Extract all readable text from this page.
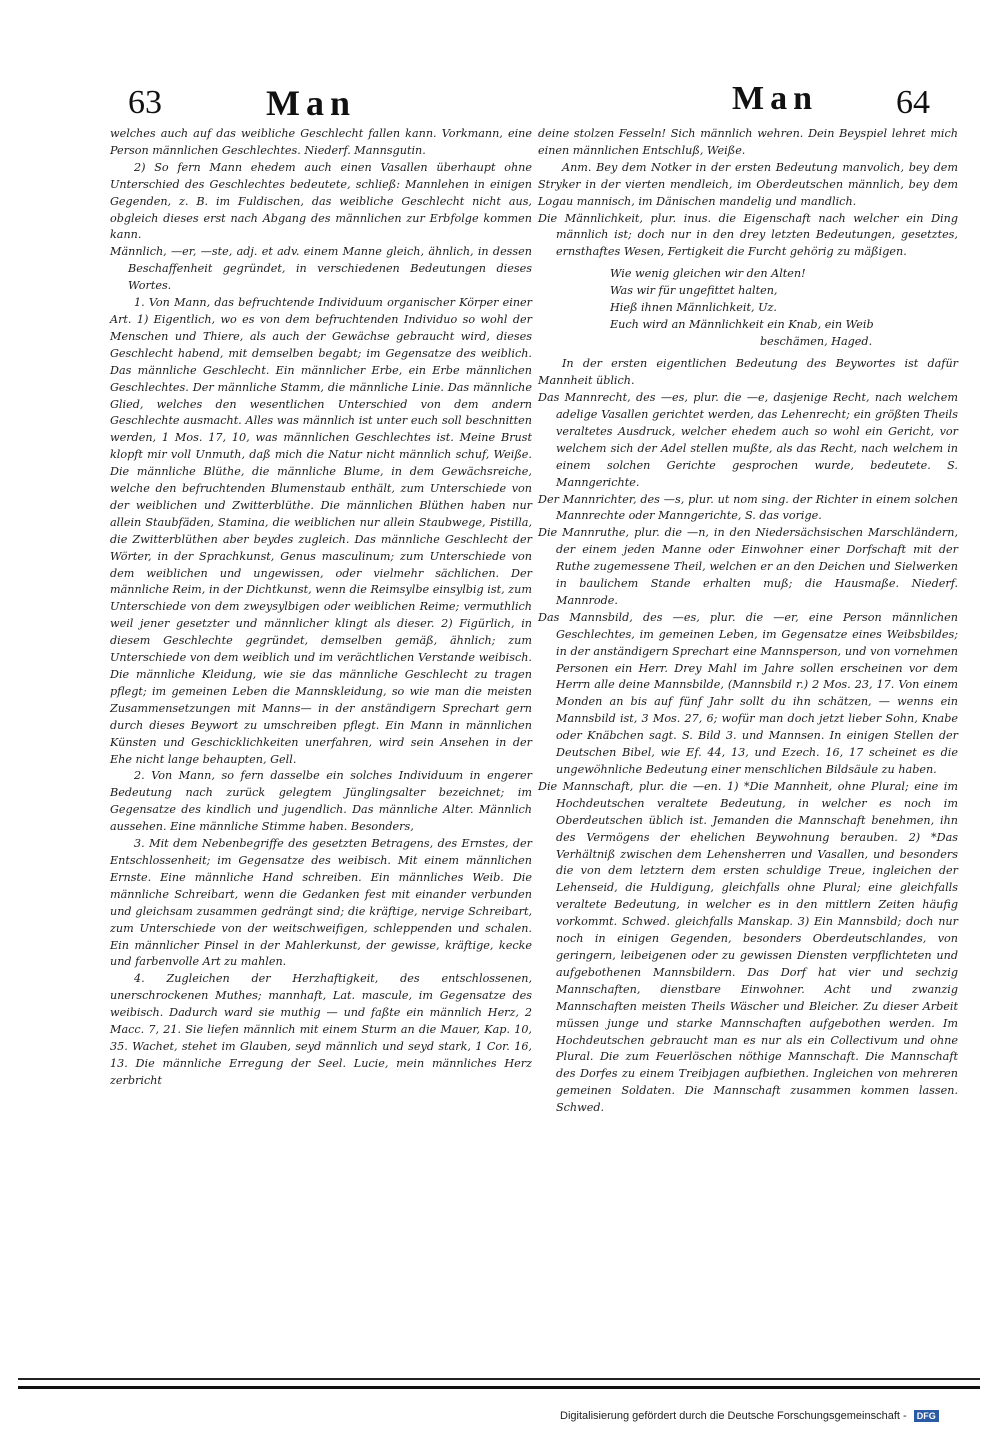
63	Man	Man 64

welches auch auf das weibliche Geschlecht fallen kann. Vorkmann, eine Person männlichen Geschlechtes. Niederf. Mannsgutin.

2) So fern Mann ehedem auch einen Vasallen überhaupt ohne Unterschied des Geschlechtes bedeutete, schließ: Mannlehen in einigen Gegenden, z. B. im Fuldischen, das weibliche Geschlecht nicht aus, obgleich dieses erst nach Abgang des männlichen zur Erbfolge kommen kann.

Männlich, —er, —ste, adj. et adv. einem Manne gleich, ähnlich, in dessen Beschaffenheit gegründet, in verschiedenen Bedeutungen dieses Wortes.

1. Von Mann, das befruchtende Individuum organischer Körper einer Art. 1) Eigentlich, wo es von dem befruchtenden Individuo so wohl der Menschen und Thiere, als auch der Gewächse gebraucht wird, dieses Geschlecht habend, mit demselben begabt; im Gegensatze des weiblich. Das männliche Geschlecht. Ein männlicher Erbe, ein Erbe männlichen Geschlechtes. Der männliche Stamm, die männliche Linie. Das männliche Glied, welches den wesentlichen Unterschied von dem andern Geschlechte ausmacht. Alles was männlich ist unter euch soll beschnitten werden, 1 Mos. 17, 10, was männlichen Geschlechtes ist. Meine Brust klopft mir voll Unmuth, daß mich die Natur nicht männlich schuf, Weiße. Die männliche Blüthe, die männliche Blume, in dem Gewächsreiche, welche den befruchtenden Blumenstaub enthält, zum Unterschiede von der weiblichen und Zwitterblüthe. Die männlichen Blüthen haben nur allein Staubfäden, Stamina, die weiblichen nur allein Staubwege, Pistilla, die Zwitterblüthen aber beydes zugleich. Das männliche Geschlecht der Wörter, in der Sprachkunst, Genus masculinum; zum Unterschiede von dem weiblichen und ungewissen, oder vielmehr sächlichen. Der männliche Reim, in der Dichtkunst, wenn die Reimsylbe einsylbig ist, zum Unterschiede von dem zweysylbigen oder weiblichen Reime; vermuthlich weil jener gesetzter und männlicher klingt als dieser. 2) Figürlich, in diesem Geschlechte gegründet, demselben gemäß, ähnlich; zum Unterschiede von dem weiblich und im verächtlichen Verstande weibisch. Die männliche Kleidung, wie sie das männliche Geschlecht zu tragen pflegt; im gemeinen Leben die Mannskleidung, so wie man die meisten Zusammensetzungen mit Manns— in der anständigern Sprechart gern durch dieses Beywort zu umschreiben pflegt. Ein Mann in männlichen Künsten und Geschicklichkeiten unerfahren, wird sein Ansehen in der Ehe nicht lange behaupten, Gell.

2. Von Mann, so fern dasselbe ein solches Individuum in engerer Bedeutung nach zurück gelegtem Jünglingsalter bezeichnet; im Gegensatze des kindlich und jugendlich. Das männliche Alter. Männlich aussehen. Eine männliche Stimme haben. Besonders,

3. Mit dem Nebenbegriffe des gesetzten Betragens, des Ernstes, der Entschlossenheit; im Gegensatze des weibisch. Mit einem männlichen Ernste. Eine männliche Hand schreiben. Ein männliches Weib. Die männliche Schreibart, wenn die Gedanken fest mit einander verbunden und gleichsam zusammen gedrängt sind; die kräftige, nervige Schreibart, zum Unterschiede von der weitschweifigen, schleppenden und schalen. Ein männlicher Pinsel in der Mahlerkunst, der gewisse, kräftige, kecke und farbenvolle Art zu mahlen.

4. Zugleichen der Herzhaftigkeit, des entschlossenen, unerschrockenen Muthes; mannhaft, Lat. mascule, im Gegensatze des weibisch. Dadurch ward sie muthig — und faßte ein männlich Herz, 2 Macc. 7, 21. Sie liefen männlich mit einem Sturm an die Mauer, Kap. 10, 35. Wachet, stehet im Glauben, seyd männlich und seyd stark, 1 Cor. 16, 13. Die männliche Erregung der Seel. Lucie, mein männliches Herz zerbricht

deine stolzen Fesseln! Sich männlich wehren. Dein Beyspiel lehret mich einen männlichen Entschluß, Weiße.

Anm. Bey dem Notker in der ersten Bedeutung manvolich, bey dem Stryker in der vierten mendleich, im Oberdeutschen männlich, bey dem Logau mannisch, im Dänischen mandelig und mandlich.

Die Männlichkeit, plur. inus. die Eigenschaft nach welcher ein Ding männlich ist; doch nur in den drey letzten Bedeutungen, gesetztes, ernsthaftes Wesen, Fertigkeit die Furcht gehörig zu mäßigen.

Wie wenig gleichen wir den Alten!
Was wir für ungefittet halten,
Hieß ihnen Männlichkeit, Uz.
Euch wird an Männlichkeit ein Knab, ein Weib
beschämen, Haged.

In der ersten eigentlichen Bedeutung des Beywortes ist dafür Mannheit üblich.

Das Mannrecht, des —es, plur. die —e, dasjenige Recht, nach welchem adelige Vasallen gerichtet werden, das Lehenrecht; ein größten Theils veraltetes Ausdruck, welcher ehedem auch so wohl ein Gericht, vor welchem sich der Adel stellen mußte, als das Recht, nach welchem in einem solchen Gerichte gesprochen wurde, bedeutete. S. Manngerichte.

Der Mannrichter, des —s, plur. ut nom sing. der Richter in einem solchen Mannrechte oder Manngerichte, S. das vorige.

Die Mannruthe, plur. die —n, in den Niedersächsischen Marschländern, der einem jeden Manne oder Einwohner einer Dorfschaft mit der Ruthe zugemessene Theil, welchen er an den Deichen und Sielwerken in baulichem Stande erhalten muß; die Hausmaße. Niederf. Mannrode.

Das Mannsbild, des —es, plur. die —er, eine Person männlichen Geschlechtes, im gemeinen Leben, im Gegensatze eines Weibsbildes; in der anständigern Sprechart eine Mannsperson, und von vornehmen Personen ein Herr. Drey Mahl im Jahre sollen erscheinen vor dem Herrn alle deine Mannsbilde, (Mannsbild r.) 2 Mos. 23, 17. Von einem Monden an bis auf fünf Jahr sollt du ihn schätzen, — wenns ein Mannsbild ist, 3 Mos. 27, 6; wofür man doch jetzt lieber Sohn, Knabe oder Knäbchen sagt. S. Bild 3. und Mannsen. In einigen Stellen der Deutschen Bibel, wie Ef. 44, 13, und Ezech. 16, 17 scheinet es die ungewöhnliche Bedeutung einer menschlichen Bildsäule zu haben.

Die Mannschaft, plur. die —en. 1) *Die Mannheit, ohne Plural; eine im Hochdeutschen veraltete Bedeutung, in welcher es noch im Oberdeutschen üblich ist. Jemanden die Mannschaft benehmen, ihn des Vermögens der ehelichen Beywohnung berauben. 2) *Das Verhältniß zwischen dem Lehensherren und Vasallen, und besonders die von dem letztern dem ersten schuldige Treue, ingleichen der Lehenseid, die Huldigung, gleichfalls ohne Plural; eine gleichfalls veraltete Bedeutung, in welcher es in den mittlern Zeiten häufig vorkommt. Schwed. gleichfalls Manskap. 3) Ein Mannsbild; doch nur noch in einigen Gegenden, besonders Oberdeutschlandes, von geringern, leibeigenen oder zu gewissen Diensten verpflichteten und aufgebothenen Mannsbildern. Das Dorf hat vier und sechzig Mannschaften, dienstbare Einwohner. Acht und zwanzig Mannschaften meisten Theils Wäscher und Bleicher. Zu dieser Arbeit müssen junge und starke Mannschaften aufgebothen werden. Im Hochdeutschen gebraucht man es nur als ein Collectivum und ohne Plural. Die zum Feuerlöschen nöthige Mannschaft. Die Mannschaft des Dorfes zu einem Treibjagen aufbiethen. Ingleichen von mehreren gemeinen Soldaten. Die Mannschaft zusammen kommen lassen. Schwed.

Digitalisierung gefördert durch die Deutsche Forschungsgemeinschaft - DFG
